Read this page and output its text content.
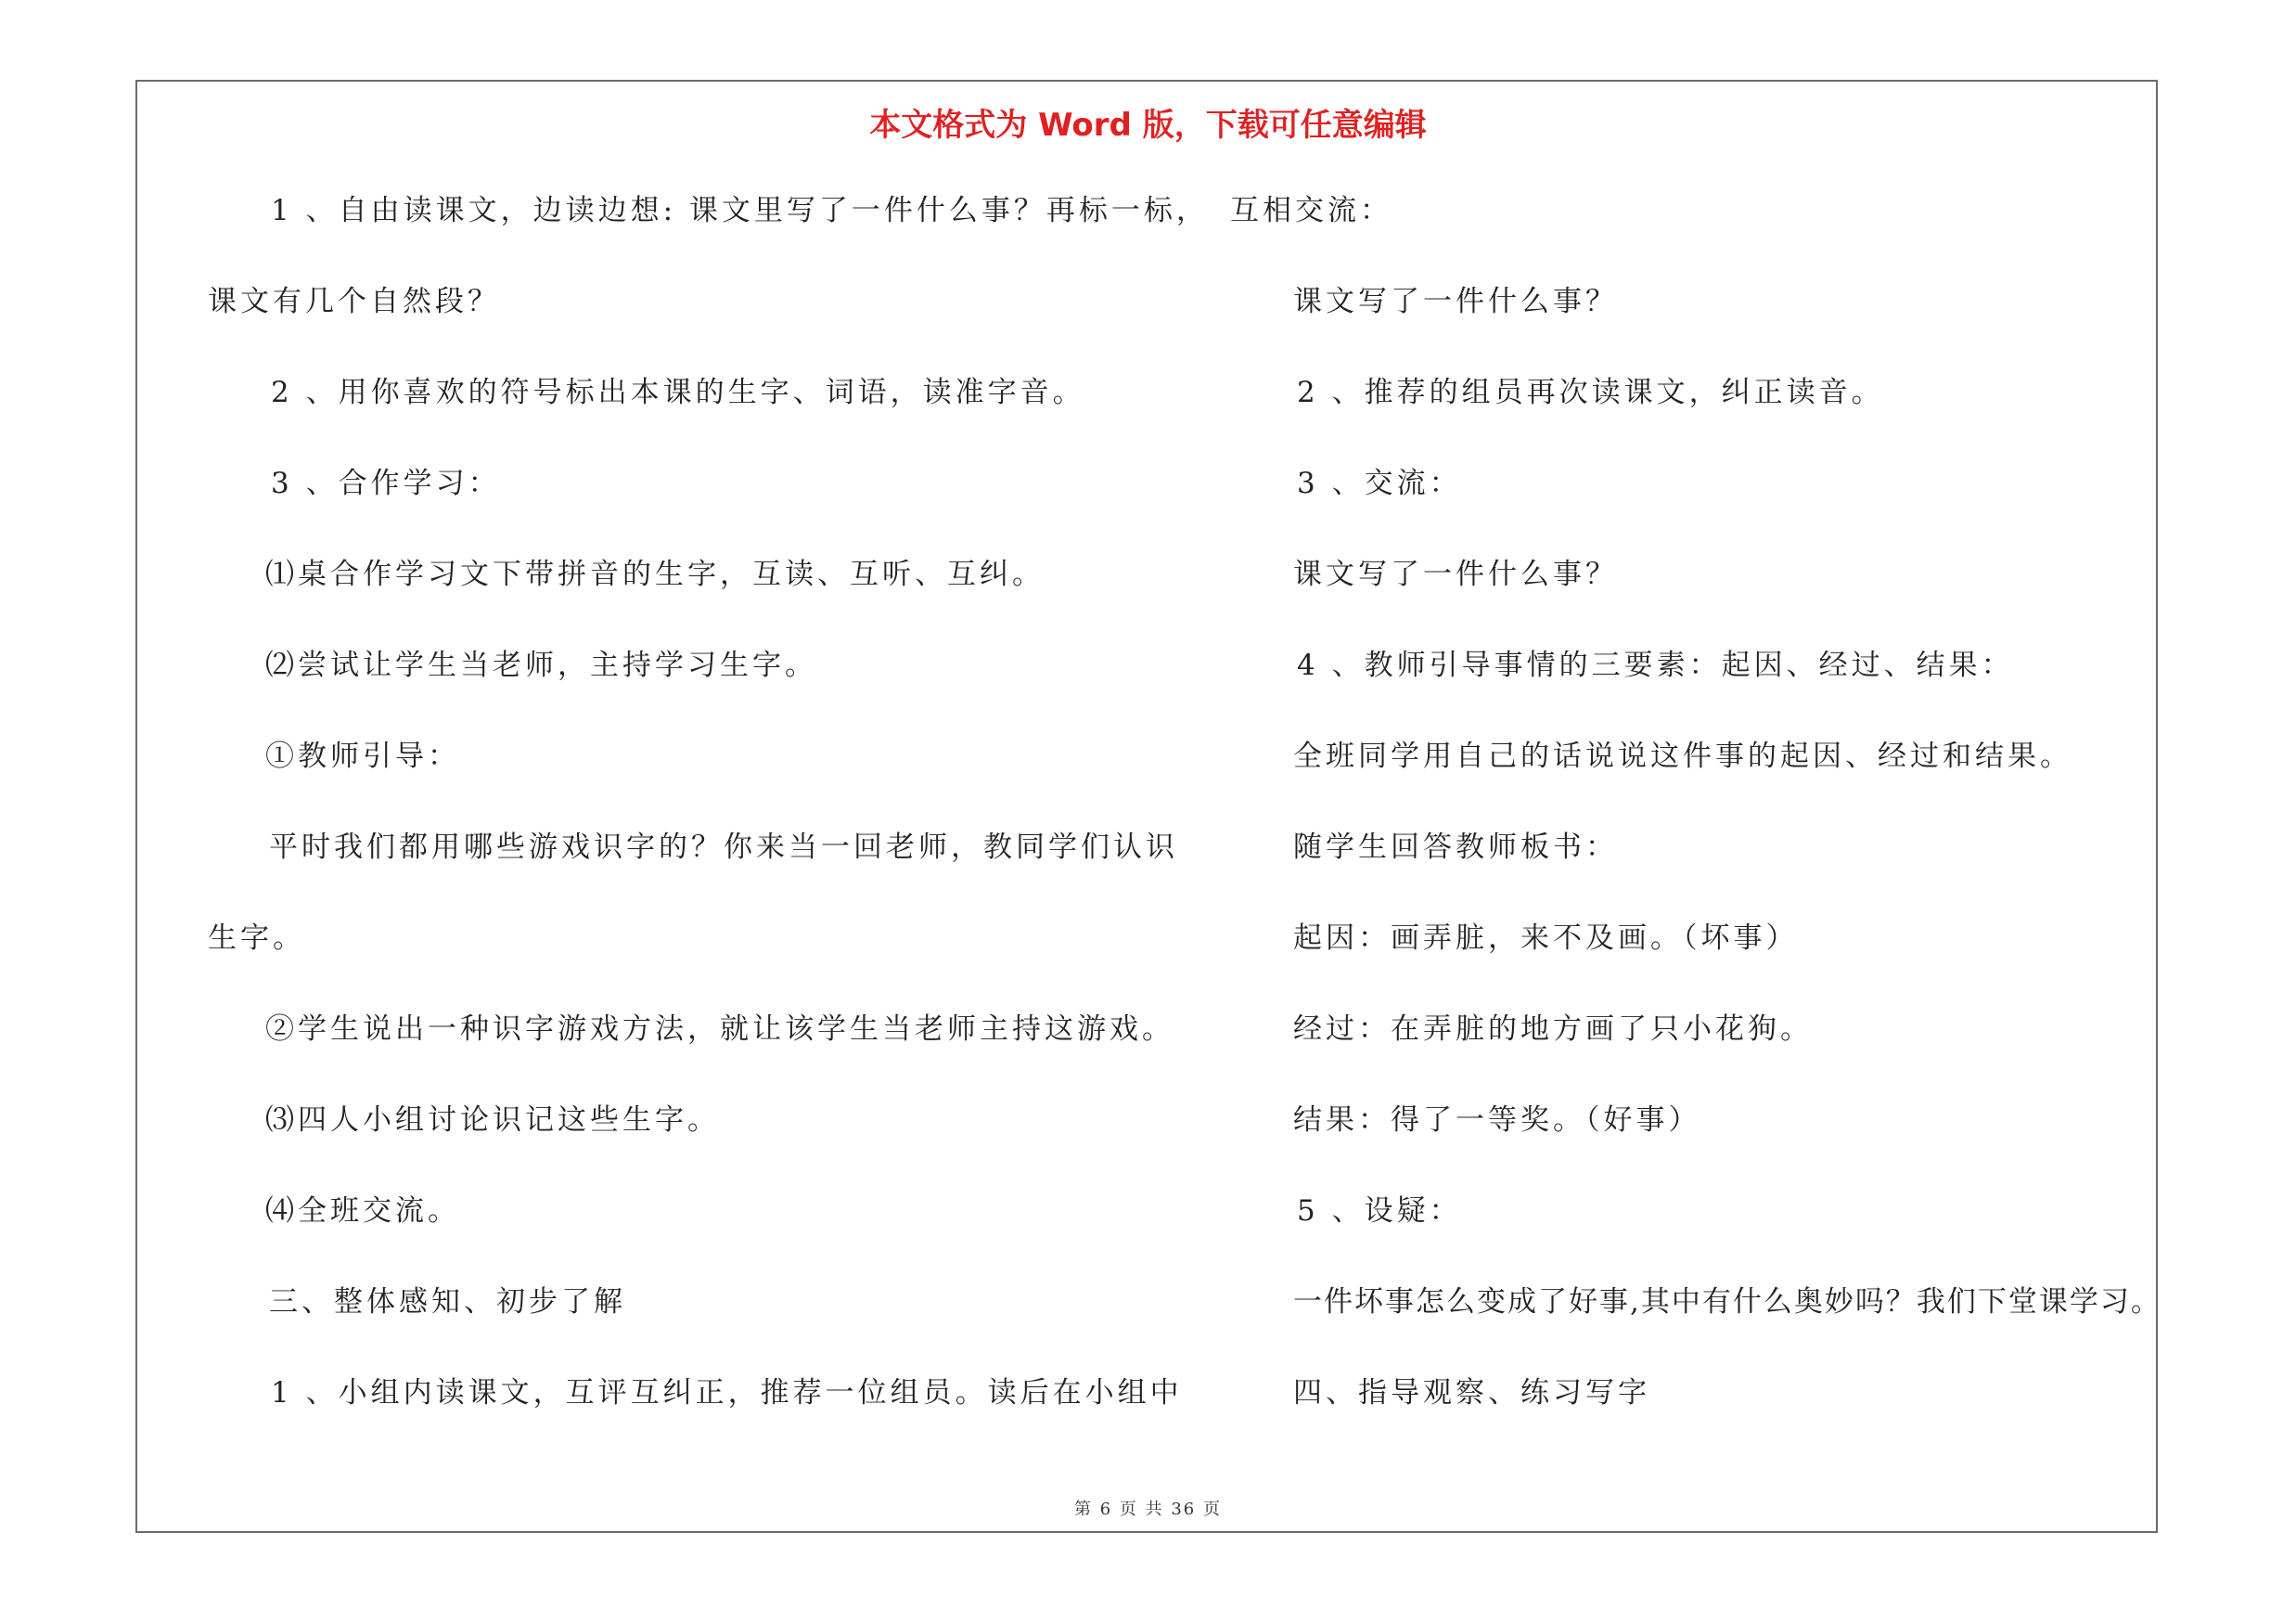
本文格式为 Word 版，下载可任意编辑
1 、自由读课文，边读边想: 课文里写了一件什么事？再标一标，
课文有几个自然段？
2 、用你喜欢的符号标出本课的生字、词语，读准字音。
3 、合作学习：
⑴桌合作学习文下带拼音的生字，互读、互听、互纠。
⑵尝试让学生当老师，主持学习生字。
①教师引导：
平时我们都用哪些游戏识字的？你来当一回老师，教同学们认识
生字。
②学生说出一种识字游戏方法，就让该学生当老师主持这游戏。
⑶四人小组讨论识记这些生字。
⑷全班交流。
三、整体感知、初步了解
1 、小组内读课文，互评互纠正，推荐一位组员。读后在小组中
互相交流：
课文写了一件什么事？
2 、推荐的组员再次读课文，纠正读音。
3 、交流：
课文写了一件什么事？
4 、教师引导事情的三要素：起因、经过、结果：
全班同学用自己的话说说这件事的起因、经过和结果。
随学生回答教师板书：
起因：画弄脏，来不及画。（坏事）
经过：在弄脏的地方画了只小花狗。
结果：得了一等奖。（好事）
5 、设疑：
一件坏事怎么变成了好事,其中有什么奥妙吗？我们下堂课学习。
四、指导观察、练习写字
第 6 页 共 36 页
